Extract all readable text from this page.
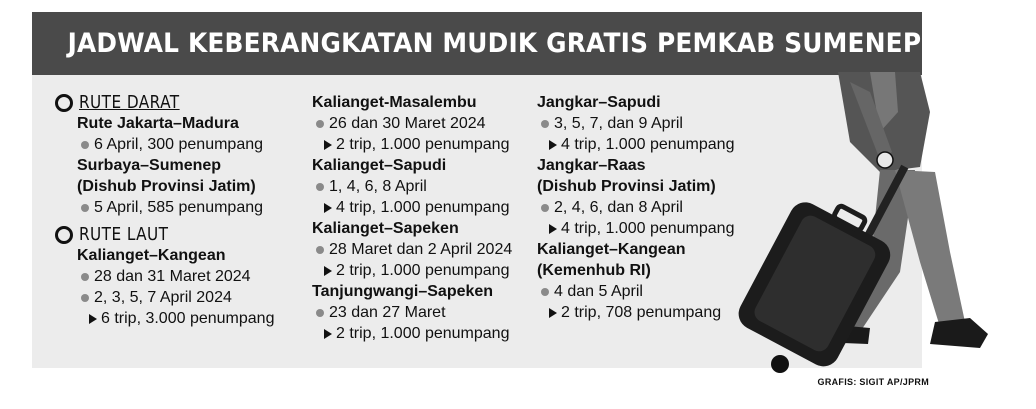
JADWAL KEBERANGKATAN MUDIK GRATIS PEMKAB SUMENEP 2024
RUTE DARAT
Rute Jakarta–Madura
6 April, 300 penumpang
Surbaya–Sumenep
(Dishub Provinsi Jatim)
5 April, 585 penumpang
RUTE LAUT
Kalianget–Kangean
28 dan 31 Maret 2024
2, 3, 5, 7 April 2024
6 trip, 3.000 penumpang
Kalianget-Masalembu
26 dan 30 Maret 2024
2 trip, 1.000 penumpang
Kalianget–Sapudi
1, 4, 6, 8 April
4 trip, 1.000 penumpang
Kalianget–Sapeken
28 Maret dan 2 April 2024
2 trip, 1.000 penumpang
Tanjungwangi–Sapeken
23 dan 27 Maret
2 trip, 1.000 penumpang
Jangkar–Sapudi
3, 5, 7, dan 9 April
4 trip, 1.000 penumpang
Jangkar–Raas
(Dishub Provinsi Jatim)
2, 4, 6, dan 8 April
4 trip, 1.000 penumpang
Kalianget–Kangean
(Kemenhub RI)
4 dan 5 April
2 trip, 708 penumpang
GRAFIS: SIGIT AP/JPRM
